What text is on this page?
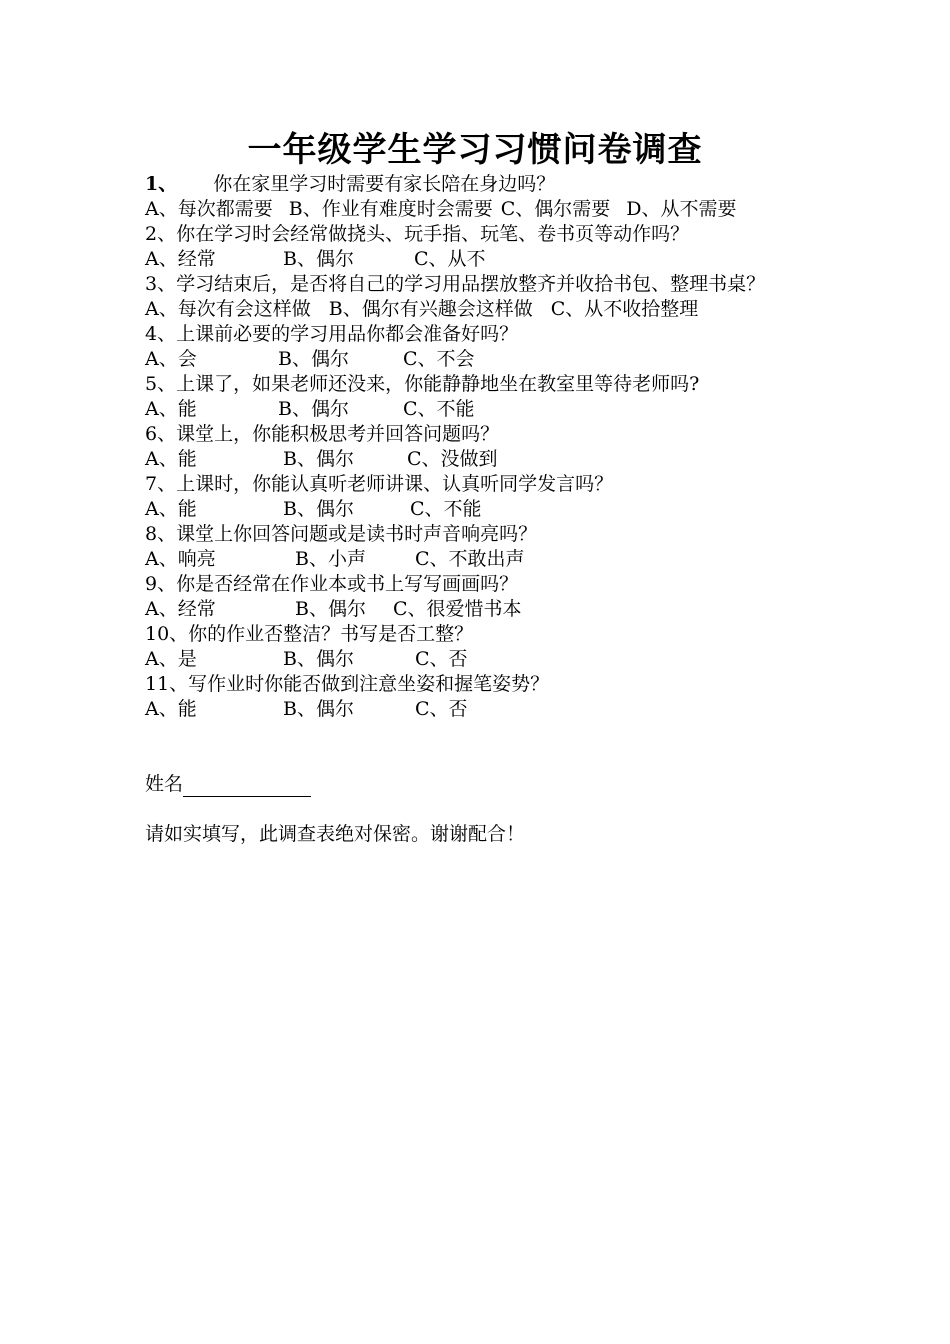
一年级学生学习习惯问卷调查
1、 你在家里学习时需要有家长陪在身边吗？
A、每次都需要 B、作业有难度时会需要 C、偶尔需要 D、从不需要
2、你在学习时会经常做挠头、玩手指、玩笔、卷书页等动作吗？
A、经常	B、偶尔	C、从不
3、学习结束后，是否将自己的学习用品摆放整齐并收拾书包、整理书桌？
A、每次有会这样做 B、偶尔有兴趣会这样做 C、从不收拾整理
4、上课前必要的学习用品你都会准备好吗？
A、会	B、偶尔	C、不会
5、上课了，如果老师还没来，你能静静地坐在教室里等待老师吗?
A、能	B、偶尔	C、不能
6、课堂上，你能积极思考并回答问题吗？
A、能	B、偶尔	C、没做到
7、上课时，你能认真听老师讲课、认真听同学发言吗？
A、能	B、偶尔	C、不能
8、课堂上你回答问题或是读书时声音响亮吗？
A、响亮	B、小声	C、不敢出声
9、你是否经常在作业本或书上写写画画吗？
A、经常	B、偶尔 C、很爱惜书本
10、你的作业否整洁？书写是否工整？
A、是	B、偶尔	C、否
11、写作业时你能否做到注意坐姿和握笔姿势？
A、能	B、偶尔	C、否
姓名
请如实填写，此调查表绝对保密。谢谢配合！
